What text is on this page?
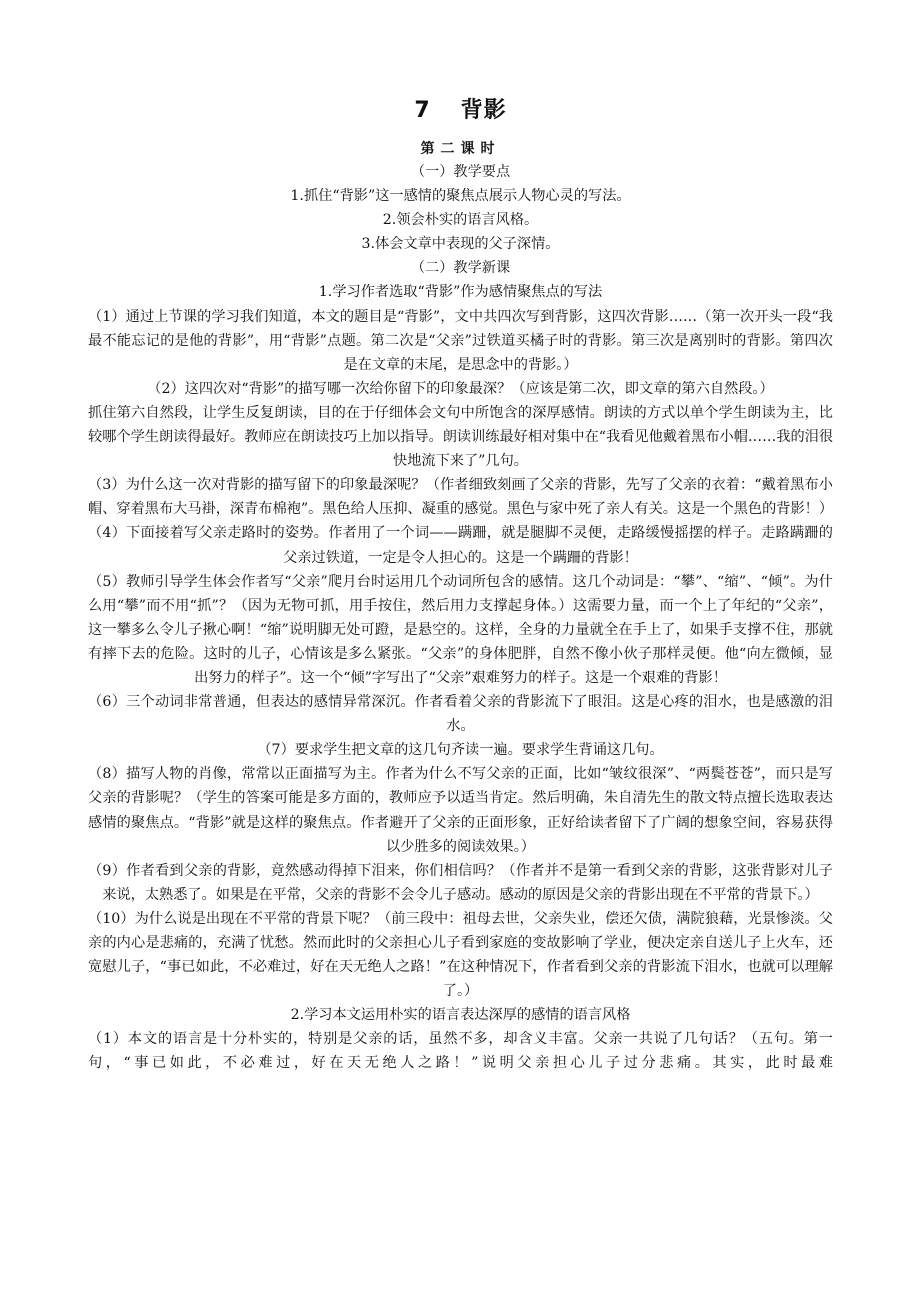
7 背影
第二课时

（一）教学要点

1.抓住“背影”这一感情的聚焦点展示人物心灵的写法。

2.领会朴实的语言风格。

3.体会文章中表现的父子深情。

（二）教学新课

1.学习作者选取“背影”作为感情聚焦点的写法

（1）通过上节课的学习我们知道，本文的题目是“背影”，文中共四次写到背影，这四次背影……（第一次开头一段“我最不能忘记的是他的背影”，用“背影”点题。第二次是“父亲”过铁道买橘子时的背影。第三次是离别时的背影。第四次是在文章的末尾，是思念中的背影。）

（2）这四次对“背影”的描写哪一次给你留下的印象最深？（应该是第二次，即文章的第六自然段。）

抓住第六自然段，让学生反复朗读，目的在于仔细体会文句中所饱含的深厚感情。朗读的方式以单个学生朗读为主，比较哪个学生朗读得最好。教师应在朗读技巧上加以指导。朗读训练最好相对集中在“我看见他戴着黑布小帽……我的泪很快地流下来了”几句。

（3）为什么这一次对背影的描写留下的印象最深呢？（作者细致刻画了父亲的背影，先写了父亲的衣着：“戴着黑布小帽、穿着黑布大马褂，深青布棉袍”。黑色给人压抑、凝重的感觉。黑色与家中死了亲人有关。这是一个黑色的背影！）

（4）下面接着写父亲走路时的姿势。作者用了一个词——蹒跚，就是腿脚不灵便，走路缓慢摇摆的样子。走路蹒跚的父亲过铁道，一定是令人担心的。这是一个蹒跚的背影！

（5）教师引导学生体会作者写“父亲”爬月台时运用几个动词所包含的感情。这几个动词是：“攀”、“缩”、“倾”。为什么用“攀”而不用“抓”？（因为无物可抓，用手按住，然后用力支撑起身体。）这需要力量，而一个上了年纪的“父亲”，这一攀多么令儿子揪心啊！“缩”说明脚无处可蹬，是悬空的。这样，全身的力量就全在手上了，如果手支撑不住，那就有摔下去的危险。这时的儿子，心情该是多么紧张。“父亲”的身体肥胖，自然不像小伙子那样灵便。他“向左微倾，显出努力的样子”。这一个“倾”字写出了“父亲”艰难努力的样子。这是一个艰难的背影！

（6）三个动词非常普通，但表达的感情异常深沉。作者看着父亲的背影流下了眼泪。这是心疼的泪水，也是感激的泪水。

（7）要求学生把文章的这几句齐读一遍。要求学生背诵这几句。

（8）描写人物的肖像，常常以正面描写为主。作者为什么不写父亲的正面，比如“皱纹很深”、“两鬓苍苍”，而只是写父亲的背影呢？（学生的答案可能是多方面的，教师应予以适当肯定。然后明确，朱自清先生的散文特点擅长选取表达感情的聚焦点。“背影”就是这样的聚焦点。作者避开了父亲的正面形象，正好给读者留下了广阔的想象空间，容易获得以少胜多的阅读效果。）

（9）作者看到父亲的背影，竟然感动得掉下泪来，你们相信吗？（作者并不是第一看到父亲的背影，这张背影对儿子来说，太熟悉了。如果是在平常，父亲的背影不会令儿子感动。感动的原因是父亲的背影出现在不平常的背景下。）

（10）为什么说是出现在不平常的背景下呢？（前三段中：祖母去世，父亲失业，偿还欠债，满院狼藉，光景惨淡。父亲的内心是悲痛的，充满了忧愁。然而此时的父亲担心儿子看到家庭的变故影响了学业，便决定亲自送儿子上火车，还宽慰儿子，“事已如此，不必难过，好在天无绝人之路！”在这种情况下，作者看到父亲的背影流下泪水，也就可以理解了。）

2.学习本文运用朴实的语言表达深厚的感情的语言风格

（1）本文的语言是十分朴实的，特别是父亲的话，虽然不多，却含义丰富。父亲一共说了几句话？（五句。第一句，“事已如此，不必难过，好在天无绝人之路！”说明父亲担心儿子过分悲痛。其实，此时最难
